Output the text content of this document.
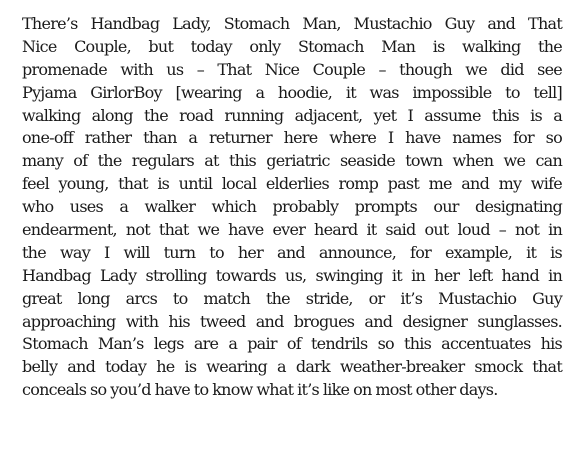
There’s Handbag Lady, Stomach Man, Mustachio Guy and That
Nice Couple, but today only Stomach Man is walking the
promenade with us – That Nice Couple – though we did see
Pyjama GirlorBoy [wearing a hoodie, it was impossible to tell]
walking along the road running adjacent, yet I assume this is a
one-off rather than a returner here where I have names for so
many of the regulars at this geriatric seaside town when we can
feel young, that is until local elderlies romp past me and my wife
who uses a walker which probably prompts our designating
endearment, not that we have ever heard it said out loud – not in
the way I will turn to her and announce, for example, it is
Handbag Lady strolling towards us, swinging it in her left hand in
great long arcs to match the stride, or it’s Mustachio Guy
approaching with his tweed and brogues and designer sunglasses.
Stomach Man’s legs are a pair of tendrils so this accentuates his
belly and today he is wearing a dark weather-breaker smock that
conceals so you’d have to know what it’s like on most other days.
